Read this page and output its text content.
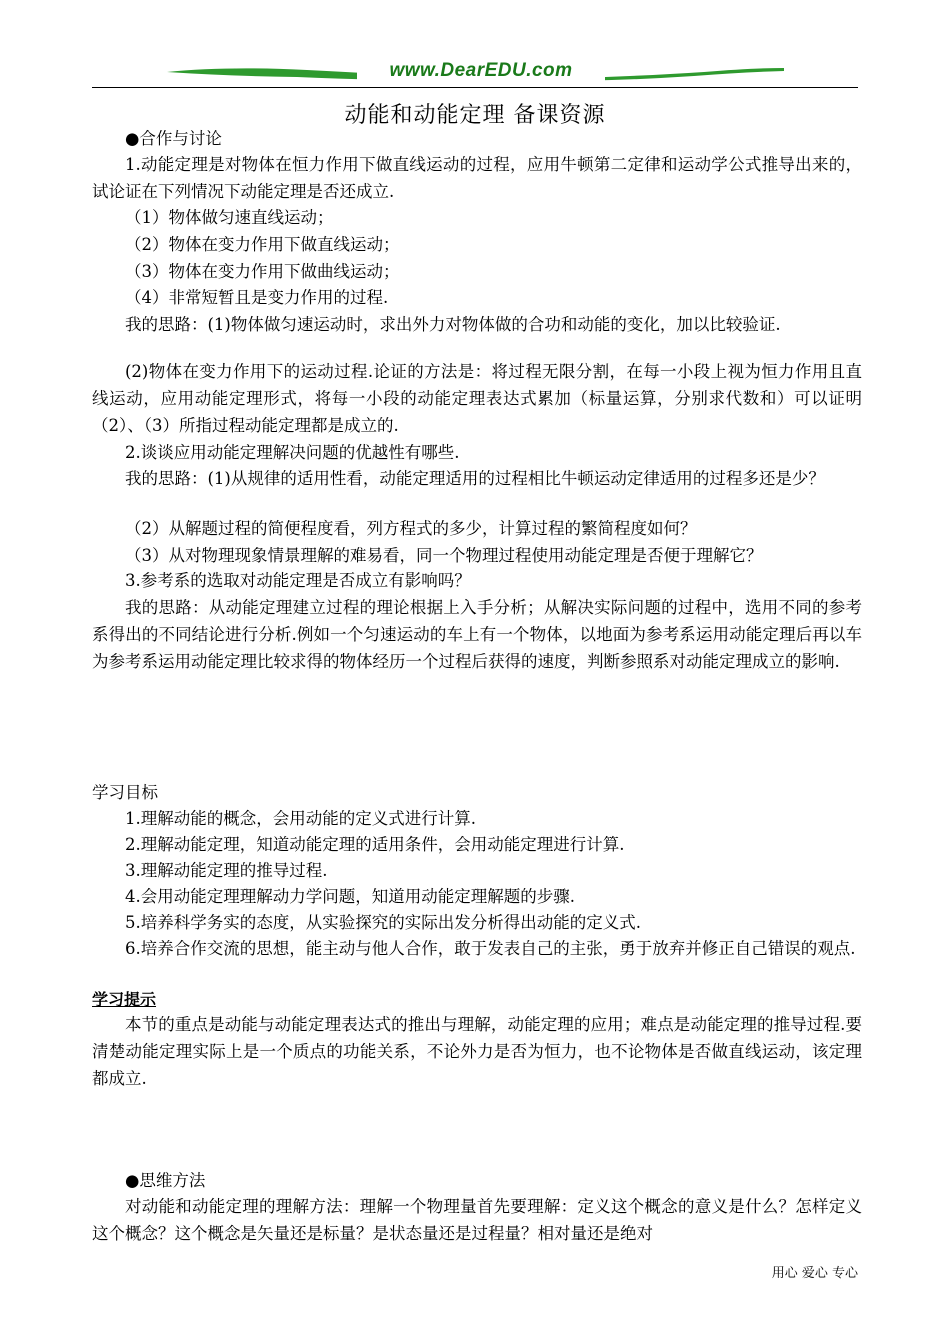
www.DearEDU.com
动能和动能定理 备课资源

●合作与讨论

1.动能定理是对物体在恒力作用下做直线运动的过程，应用牛顿第二定律和运动学公式推导出来的，试论证在下列情况下动能定理是否还成立.

（1）物体做匀速直线运动；

（2）物体在变力作用下做直线运动；

（3）物体在变力作用下做曲线运动；

（4）非常短暂且是变力作用的过程.

我的思路：(1)物体做匀速运动时，求出外力对物体做的合功和动能的变化，加以比较验证.

(2)物体在变力作用下的运动过程.论证的方法是：将过程无限分割，在每一小段上视为恒力作用且直线运动，应用动能定理形式，将每一小段的动能定理表达式累加（标量运算，分别求代数和）可以证明（2）、（3）所指过程动能定理都是成立的.

2.谈谈应用动能定理解决问题的优越性有哪些.

我的思路：(1)从规律的适用性看，动能定理适用的过程相比牛顿运动定律适用的过程多还是少？

（2）从解题过程的简便程度看，列方程式的多少，计算过程的繁简程度如何？

（3）从对物理现象情景理解的难易看，同一个物理过程使用动能定理是否便于理解它？

3.参考系的选取对动能定理是否成立有影响吗？

我的思路：从动能定理建立过程的理论根据上入手分析；从解决实际问题的过程中，选用不同的参考系得出的不同结论进行分析.例如一个匀速运动的车上有一个物体，以地面为参考系运用动能定理后再以车为参考系运用动能定理比较求得的物体经历一个过程后获得的速度，判断参照系对动能定理成立的影响.

学习目标

1.理解动能的概念，会用动能的定义式进行计算.

2.理解动能定理，知道动能定理的适用条件，会用动能定理进行计算.

3.理解动能定理的推导过程.

4.会用动能定理理解动力学问题，知道用动能定理解题的步骤.

5.培养科学务实的态度，从实验探究的实际出发分析得出动能的定义式.

6.培养合作交流的思想，能主动与他人合作，敢于发表自己的主张，勇于放弃并修正自己错误的观点.

学习提示

本节的重点是动能与动能定理表达式的推出与理解，动能定理的应用；难点是动能定理的推导过程.要清楚动能定理实际上是一个质点的功能关系，不论外力是否为恒力，也不论物体是否做直线运动，该定理都成立.

●思维方法

对动能和动能定理的理解方法：理解一个物理量首先要理解：定义这个概念的意义是什么？怎样定义这个概念？这个概念是矢量还是标量？是状态量还是过程量？相对量还是绝对

用心 爱心 专心
